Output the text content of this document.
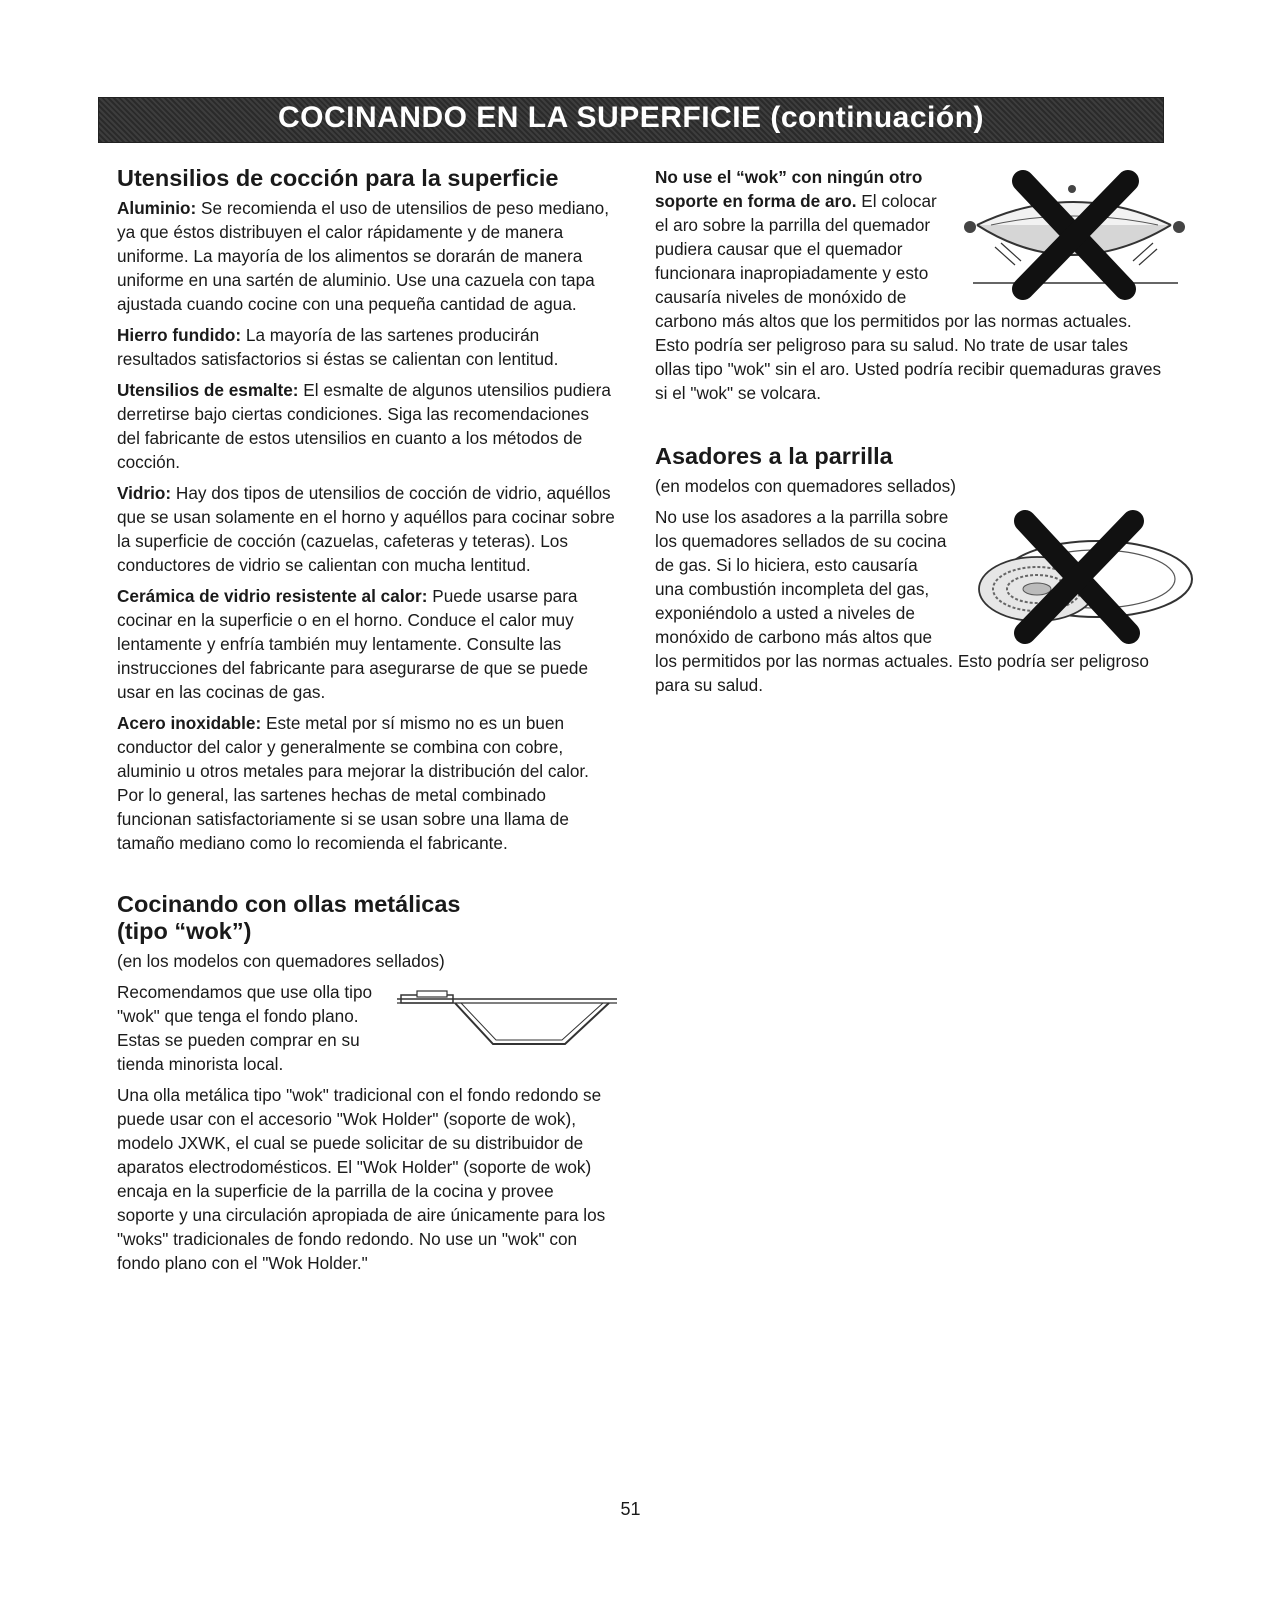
COCINANDO EN LA SUPERFICIE (continuación)
Utensilios de cocción para la superficie

Aluminio: Se recomienda el uso de utensilios de peso mediano, ya que éstos distribuyen el calor rápidamente y de manera uniforme. La mayoría de los alimentos se dorarán de manera uniforme en una sartén de aluminio. Use una cazuela con tapa ajustada cuando cocine con una pequeña cantidad de agua.

Hierro fundido: La mayoría de las sartenes producirán resultados satisfactorios si éstas se calientan con lentitud.

Utensilios de esmalte: El esmalte de algunos utensilios pudiera derretirse bajo ciertas condiciones. Siga las recomendaciones del fabricante de estos utensilios en cuanto a los métodos de cocción.

Vidrio: Hay dos tipos de utensilios de cocción de vidrio, aquéllos que se usan solamente en el horno y aquéllos para cocinar sobre la superficie de cocción (cazuelas, cafeteras y teteras). Los conductores de vidrio se calientan con mucha lentitud.

Cerámica de vidrio resistente al calor: Puede usarse para cocinar en la superficie o en el horno. Conduce el calor muy lentamente y enfría también muy lentamente. Consulte las instrucciones del fabricante para asegurarse de que se puede usar en las cocinas de gas.

Acero inoxidable: Este metal por sí mismo no es un buen conductor del calor y generalmente se combina con cobre, aluminio u otros metales para mejorar la distribución del calor. Por lo general, las sartenes hechas de metal combinado funcionan satisfactoriamente si se usan sobre una llama de tamaño mediano como lo recomienda el fabricante.

Cocinando con ollas metálicas
(tipo “wok”)

(en los modelos con quemadores sellados)

Recomendamos que use olla tipo "wok" que tenga el fondo plano. Estas se pueden comprar en su tienda minorista local.

Una olla metálica tipo "wok" tradicional con el fondo redondo se puede usar con el accesorio "Wok Holder" (soporte de wok), modelo JXWK, el cual se puede solicitar de su distribuidor de aparatos electrodomésticos. El "Wok Holder" (soporte de wok) encaja en la superficie de la parrilla de la cocina y provee soporte y una circulación apropiada de aire únicamente para los "woks" tradicionales de fondo redondo. No use un "wok" con fondo plano con el "Wok Holder."

No use el “wok” con ningún otro soporte en forma de aro. El colocar el aro sobre la parrilla del quemador pudiera causar que el quemador funcionara inapropiadamente y esto causaría niveles de monóxido de carbono más altos que los permitidos por las normas actuales. Esto podría ser peligroso para su salud. No trate de usar tales ollas tipo "wok" sin el aro. Usted podría recibir quemaduras graves si el "wok" se volcara.

Asadores a la parrilla

(en modelos con quemadores sellados)

No use los asadores a la parrilla sobre los quemadores sellados de su cocina de gas. Si lo hiciera, esto causaría una combustión incompleta del gas, exponiéndolo a usted a niveles de monóxido de carbono más altos que los permitidos por las normas actuales. Esto podría ser peligroso para su salud.

51
